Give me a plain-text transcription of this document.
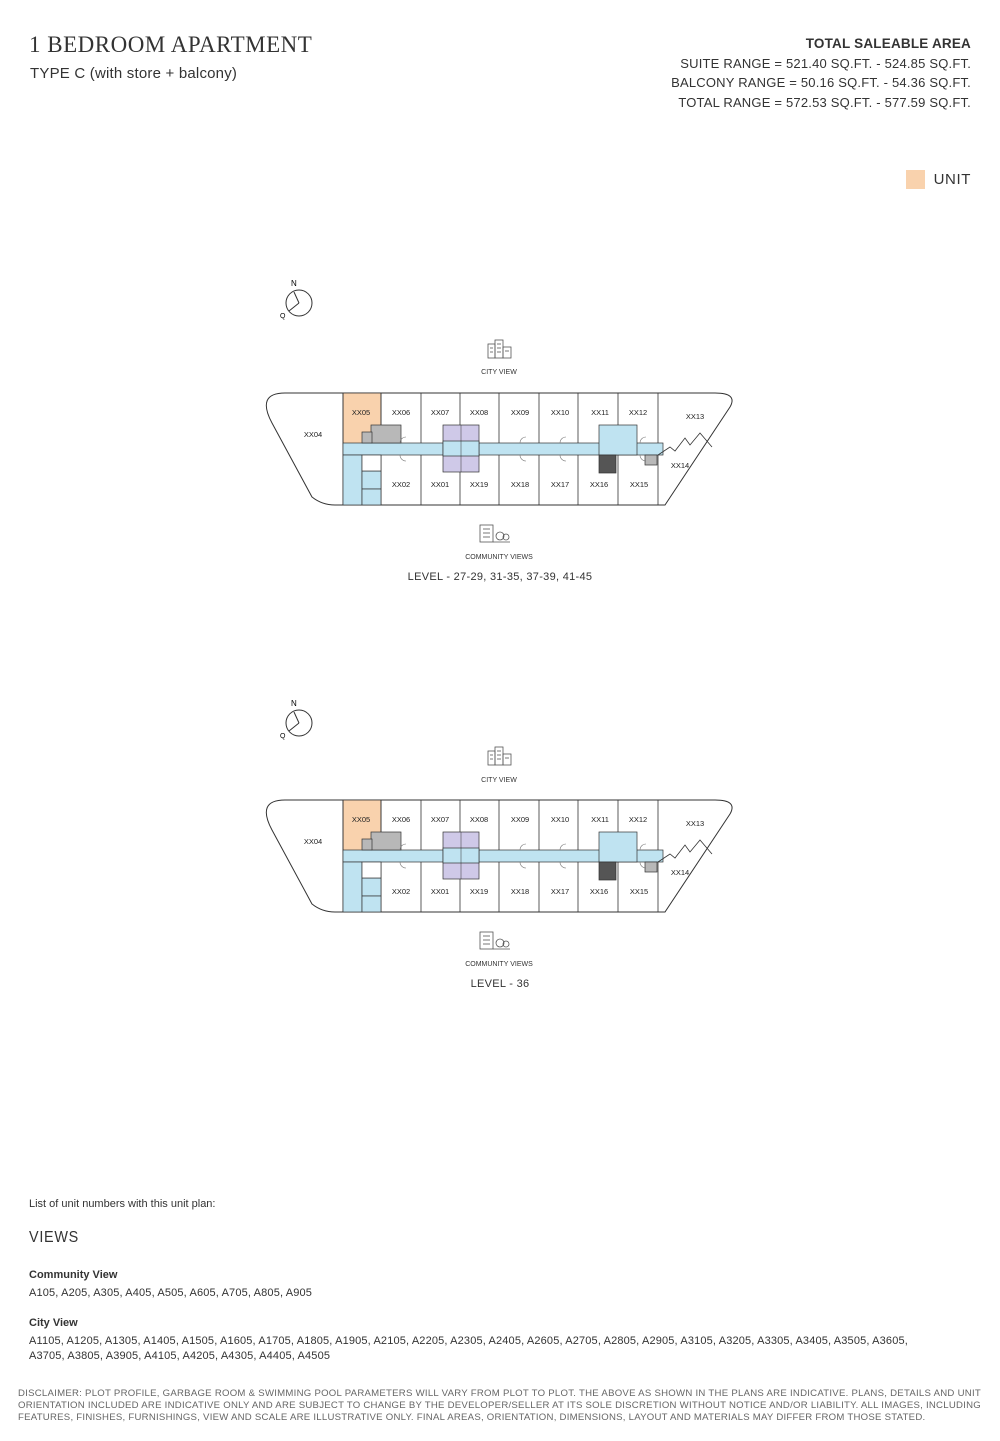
1 BEDROOM APARTMENT
TYPE C (with store + balcony)
TOTAL SALEABLE AREA
SUITE RANGE = 521.40 SQ.FT. - 524.85 SQ.FT.
BALCONY RANGE = 50.16 SQ.FT. - 54.36 SQ.FT.
TOTAL RANGE = 572.53 SQ.FT. - 577.59 SQ.FT.
UNIT
N
Q
CITY VIEW
XX05	XX06	XX07	XX08	XX09	XX10	XX11	XX12
XX02	XX01	XX19	XX18	XX17	XX16	XX15
XX04
XX13
XX14
COMMUNITY VIEWS
LEVEL - 27-29, 31-35, 37-39, 41-45
N
Q
CITY VIEW
XX05	XX06	XX07	XX08	XX09	XX10	XX11	XX12
XX02	XX01	XX19	XX18	XX17	XX16	XX15
XX04
XX13
XX14
COMMUNITY VIEWS
LEVEL - 36
List of unit numbers with this unit plan:
VIEWS
Community View
A105, A205, A305, A405, A505, A605, A705, A805, A905
City View
A1105, A1205, A1305, A1405, A1505, A1605, A1705, A1805, A1905, A2105, A2205, A2305, A2405, A2605, A2705, A2805, A2905, A3105, A3205, A3305, A3405, A3505, A3605, A3705, A3805, A3905, A4105, A4205, A4305, A4405, A4505
DISCLAIMER: PLOT PROFILE, GARBAGE ROOM & SWIMMING POOL PARAMETERS WILL VARY FROM PLOT TO PLOT. THE ABOVE AS SHOWN IN THE PLANS ARE INDICATIVE. PLANS, DETAILS AND UNIT ORIENTATION INCLUDED ARE INDICATIVE ONLY AND ARE SUBJECT TO CHANGE BY THE DEVELOPER/SELLER AT ITS SOLE DISCRETION WITHOUT NOTICE AND/OR LIABILITY. ALL IMAGES, INCLUDING FEATURES, FINISHES, FURNISHINGS, VIEW AND SCALE ARE ILLUSTRATIVE ONLY. FINAL AREAS, ORIENTATION, DIMENSIONS, LAYOUT AND MATERIALS MAY DIFFER FROM THOSE STATED.
